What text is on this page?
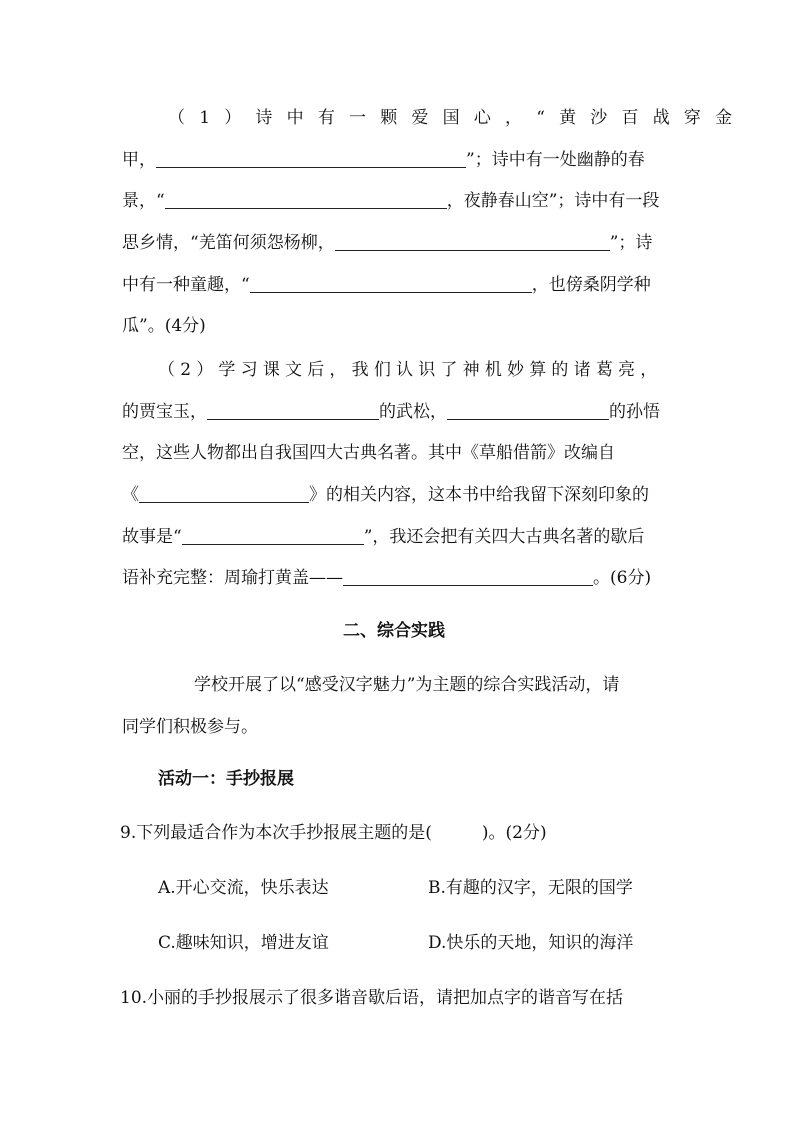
（1）诗中有一颗爱国心，“黄沙百战穿金
甲，	”；诗中有一处幽静的春
景，“	，夜静春山空”；诗中有一段
思乡情，“羌笛何须怨杨柳，	”；诗
中有一种童趣，“	，也傍桑阴学种
瓜”。(4分)
（2）学习课文后，我们认识了神机妙算的诸葛亮，
的贾宝玉，	的武松，	的孙悟
空，这些人物都出自我国四大古典名著。其中《草船借箭》改编自
《	》的相关内容，这本书中给我留下深刻印象的
故事是“	”，我还会把有关四大古典名著的歇后
语补充完整：周瑜打黄盖——	。(6分)
二、综合实践
学校开展了以“感受汉字魅力”为主题的综合实践活动，请
同学们积极参与。
活动一：手抄报展
9.下列最适合作为本次手抄报展主题的是(	)。(2分)
A.开心交流，快乐表达	B.有趣的汉字，无限的国学
C.趣味知识，增进友谊	D.快乐的天地，知识的海洋
10.小丽的手抄报展示了很多谐音歇后语，请把加点字的谐音写在括
